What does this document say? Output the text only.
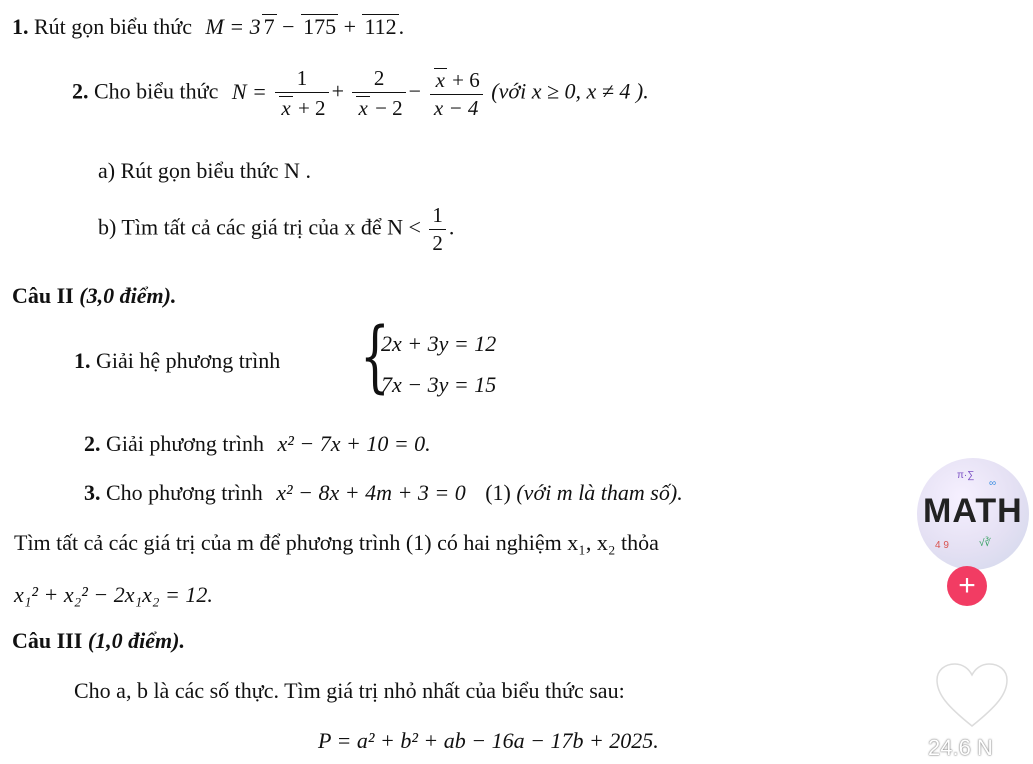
1. Rút gọn biểu thức M = 3 7 − 175 + 112.
2. Cho biểu thức $N = \frac{1}{x + 2} + \frac{2}{x - 2} - \frac{x + 6}{x - 4}$ (với x ≥ 0, x ≠ 4 ).
a) Rút gọn biểu thức N .
b) Tìm tất cả các giá trị của x để $N < \frac{1}{2}$ .
Câu II (3,0 điểm).
1. Giải hệ phương trình {
2x + 3y = 12
7x − 3y = 15
2. Giải phương trình x² − 7x + 10 = 0.
3. Cho phương trình x² − 8x + 4m + 3 = 0 (1) (với m là tham số).
Tìm tất cả các giá trị của m để phương trình (1) có hai nghiệm x₁, x₂ thỏa
x₁² + x₂² − 2x₁x₂ = 12.
Câu III (1,0 điểm).
Cho a, b là các số thực. Tìm giá trị nhỏ nhất của biểu thức sau:
P = a² + b² + ab − 16a − 17b + 2025.
π·∑
∞
MATH
4 9	√∛
+
24.6 N
